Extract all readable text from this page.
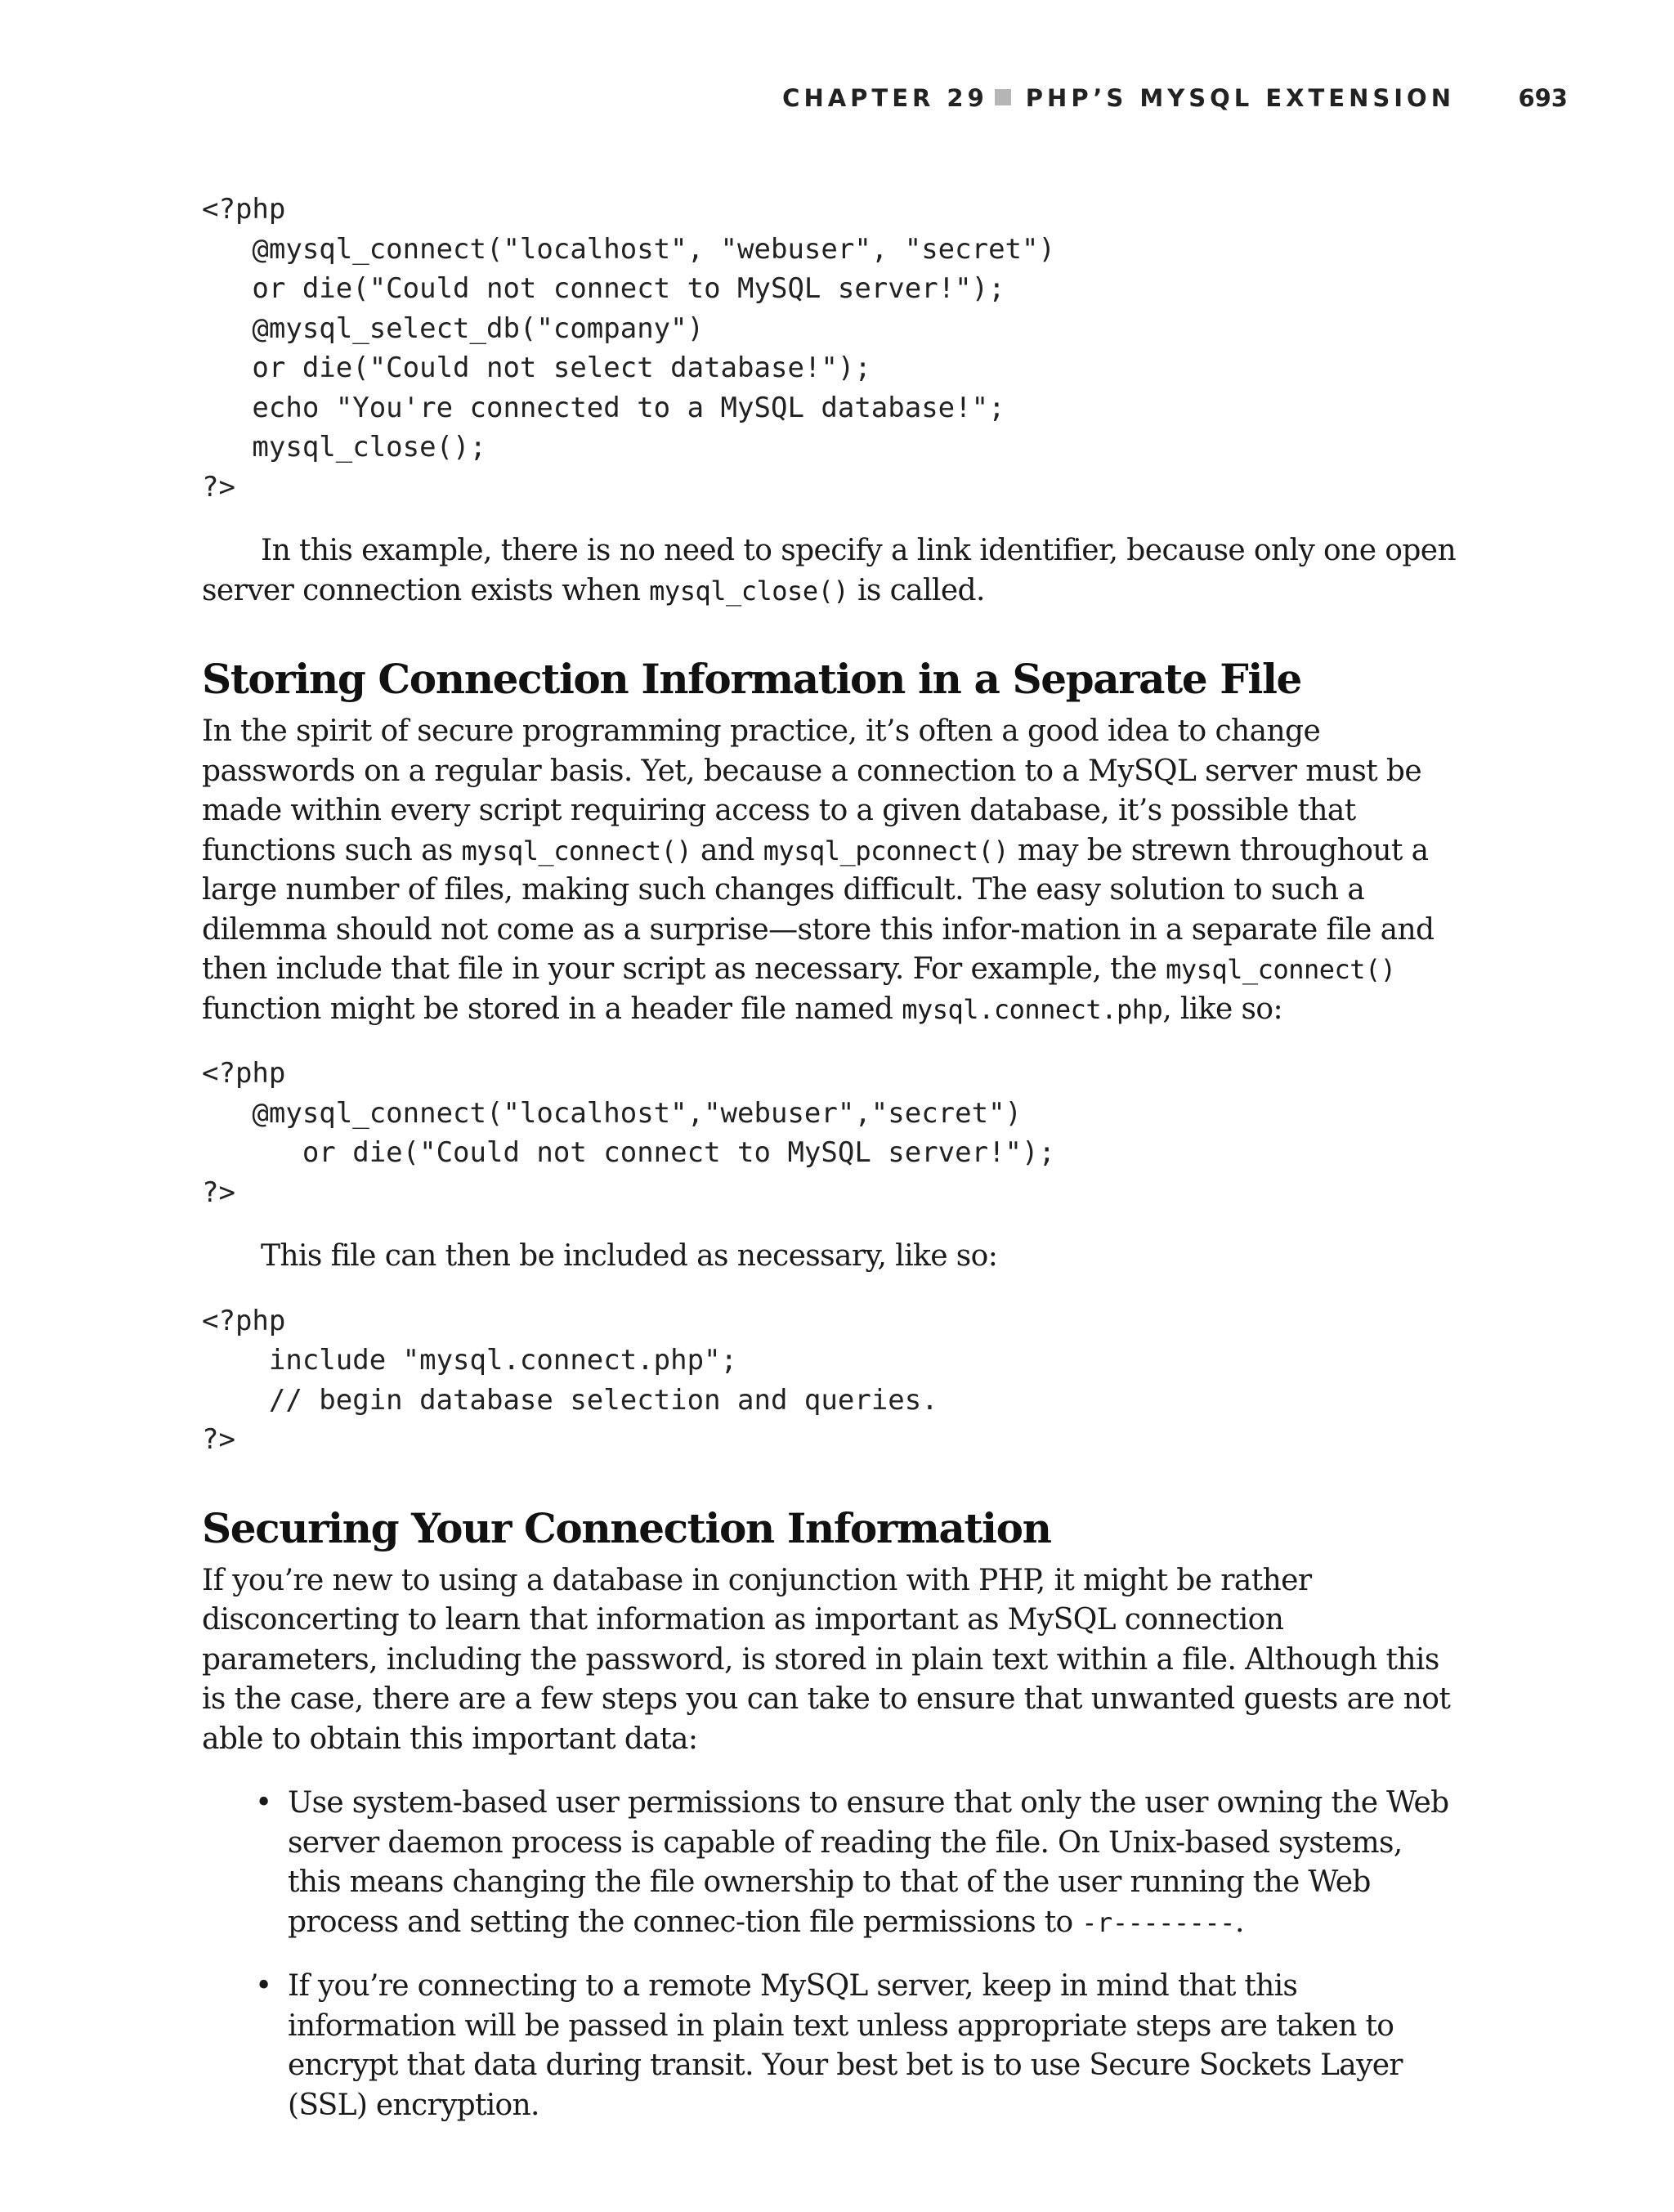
CHAPTER 29 PHP’S MYSQL EXTENSION	693
<?php
@mysql_connect("localhost", "webuser", "secret")
or die("Could not connect to MySQL server!");
@mysql_select_db("company")
or die("Could not select database!");
echo "You're connected to a MySQL database!";
mysql_close();
?>

In this example, there is no need to specify a link identifier, because only one open server connection exists when mysql_close() is called.

Storing Connection Information in a Separate File

In the spirit of secure programming practice, it’s often a good idea to change passwords on a regular basis. Yet, because a connection to a MySQL server must be made within every script requiring access to a given database, it’s possible that functions such as mysql_connect() and mysql_pconnect() may be strewn throughout a large number of files, making such changes difficult. The easy solution to such a dilemma should not come as a surprise—store this infor-mation in a separate file and then include that file in your script as necessary. For example, the mysql_connect() function might be stored in a header file named mysql.connect.php, like so:

<?php
@mysql_connect("localhost","webuser","secret")
or die("Could not connect to MySQL server!");
?>

This file can then be included as necessary, like so:

<?php
include "mysql.connect.php";
// begin database selection and queries.
?>
Securing Your Connection Information

If you’re new to using a database in conjunction with PHP, it might be rather disconcerting to learn that information as important as MySQL connection parameters, including the password, is stored in plain text within a file. Although this is the case, there are a few steps you can take to ensure that unwanted guests are not able to obtain this important data:

• Use system-based user permissions to ensure that only the user owning the Web server daemon process is capable of reading the file. On Unix-based systems, this means changing the file ownership to that of the user running the Web process and setting the connec-tion file permissions to -r--------.
• If you’re connecting to a remote MySQL server, keep in mind that this information will be passed in plain text unless appropriate steps are taken to encrypt that data during transit. Your best bet is to use Secure Sockets Layer (SSL) encryption.
